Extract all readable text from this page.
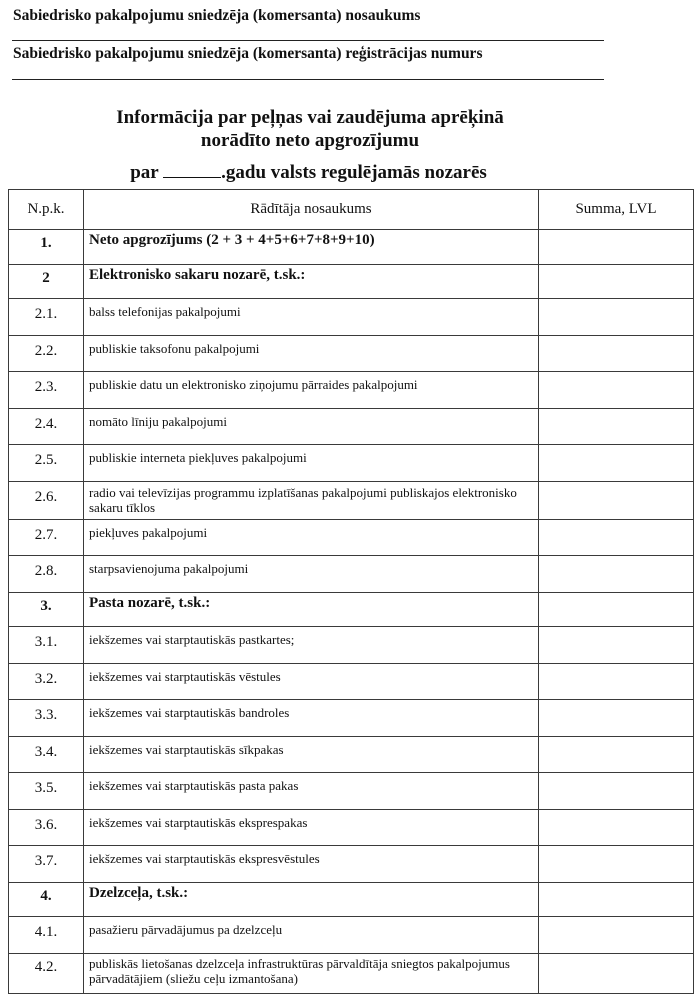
Sabiedrisko pakalpojumu sniedzēja (komersanta) nosaukums
Sabiedrisko pakalpojumu sniedzēja (komersanta) reģistrācijas numurs
Informācija par peļņas vai zaudējuma aprēķinā
norādīto neto apgrozījumu
par	.gadu valsts regulējamās nozarēs
N.p.k.	Rādītāja nosaukums	Summa, LVL
1.	Neto apgrozījums (2 + 3 + 4+5+6+7+8+9+10)	
2	Elektronisko sakaru nozarē, t.sk.:	
2.1.	balss telefonijas pakalpojumi	
2.2.	publiskie taksofonu pakalpojumi	
2.3.	publiskie datu un elektronisko ziņojumu pārraides pakalpojumi	
2.4.	nomāto līniju pakalpojumi	
2.5.	publiskie interneta piekļuves pakalpojumi	
2.6.	radio vai televīzijas programmu izplatīšanas pakalpojumi publiskajos elektronisko sakaru tīklos	
2.7.	piekļuves pakalpojumi	
2.8.	starpsavienojuma pakalpojumi	
3.	Pasta nozarē, t.sk.:	
3.1.	iekšzemes vai starptautiskās pastkartes;	
3.2.	iekšzemes vai starptautiskās vēstules	
3.3.	iekšzemes vai starptautiskās bandroles	
3.4.	iekšzemes vai starptautiskās sīkpakas	
3.5.	iekšzemes vai starptautiskās pasta pakas	
3.6.	iekšzemes vai starptautiskās eksprespakas	
3.7.	iekšzemes vai starptautiskās ekspresvēstules	
4.	Dzelzceļa, t.sk.:	
4.1.	pasažieru pārvadājumus pa dzelzceļu	
4.2.	publiskās lietošanas dzelzceļa infrastruktūras pārvaldītāja sniegtos pakalpojumus pārvadātājiem (sliežu ceļu izmantošana)	
